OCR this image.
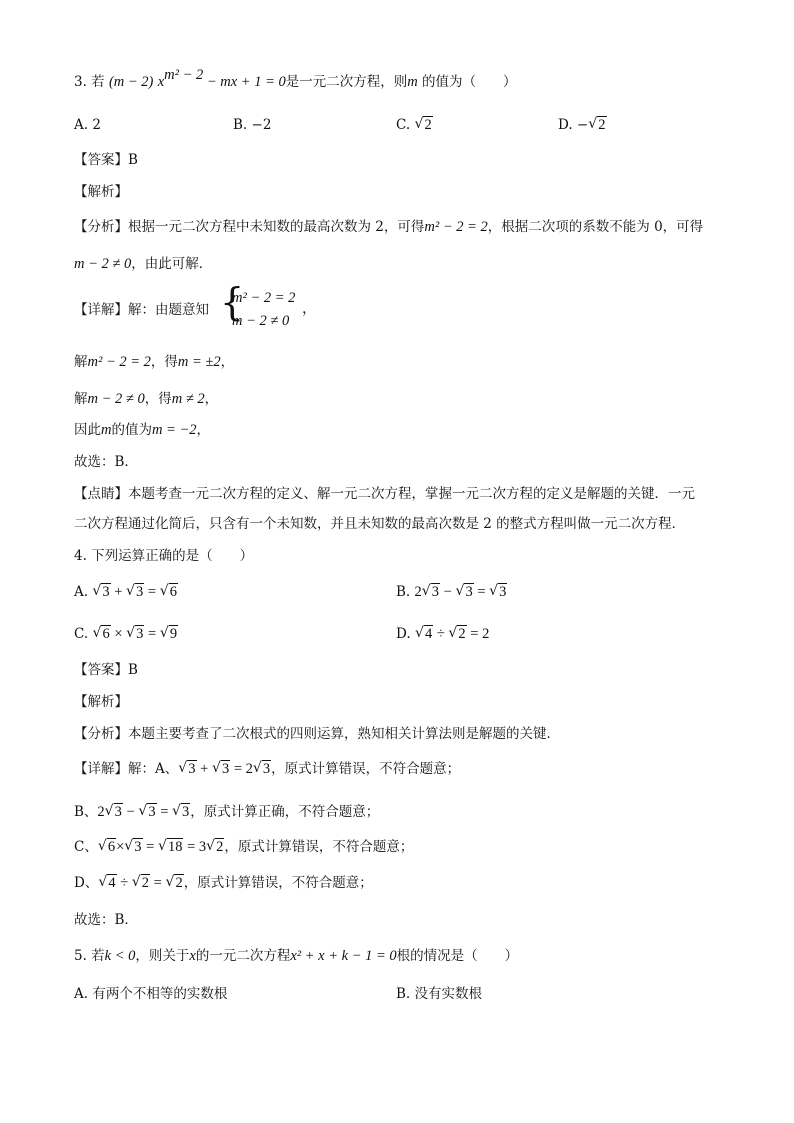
3. 若 (m − 2) $x^{m^2 - 2}$ − mx + 1 = 0是一元二次方程，则m 的值为（　　）
A. 2	B. −2	C. √ 2	D. − √ 2
【答案】B
【解析】
【分析】根据一元二次方程中未知数的最高次数为 2，可得m² − 2 = 2，根据二次项的系数不能为 0，可得
m − 2 ≠ 0，由此可解．
【详解】解：由题意知 {
m² − 2 = 2
m − 2 ≠ 0
，
解m² − 2 = 2，得m = ±2，
解m − 2 ≠ 0，得m ≠ 2，
因此m的值为m = −2，
故选：B．
【点睛】本题考查一元二次方程的定义、解一元二次方程，掌握一元二次方程的定义是解题的关键．一元
二次方程通过化简后，只含有一个未知数，并且未知数的最高次数是 2 的整式方程叫做一元二次方程．
4. 下列运算正确的是（　　）
A. √ 3 + √ 3 = √ 6	B. 2 √ 3 − √ 3 = √ 3
C. √ 6 × √ 3 = √ 9	D. √ 4 ÷ √ 2 = 2
【答案】B
【解析】
【分析】本题主要考查了二次根式的四则运算，熟知相关计算法则是解题的关键．
【详解】解：A、 √ 3 + √ 3 = 2 √ 3，原式计算错误，不符合题意；
B、2 √ 3 − √ 3 = √ 3，原式计算正确，不符合题意；
C、 √ 6× √ 3 = √ 18 = 3 √ 2，原式计算错误，不符合题意；
D、 √ 4 ÷ √ 2 = √ 2，原式计算错误，不符合题意；
故选：B．
5. 若k < 0，则关于x的一元二次方程x² + x + k − 1 = 0根的情况是（　　）
A. 有两个不相等的实数根	B. 没有实数根
